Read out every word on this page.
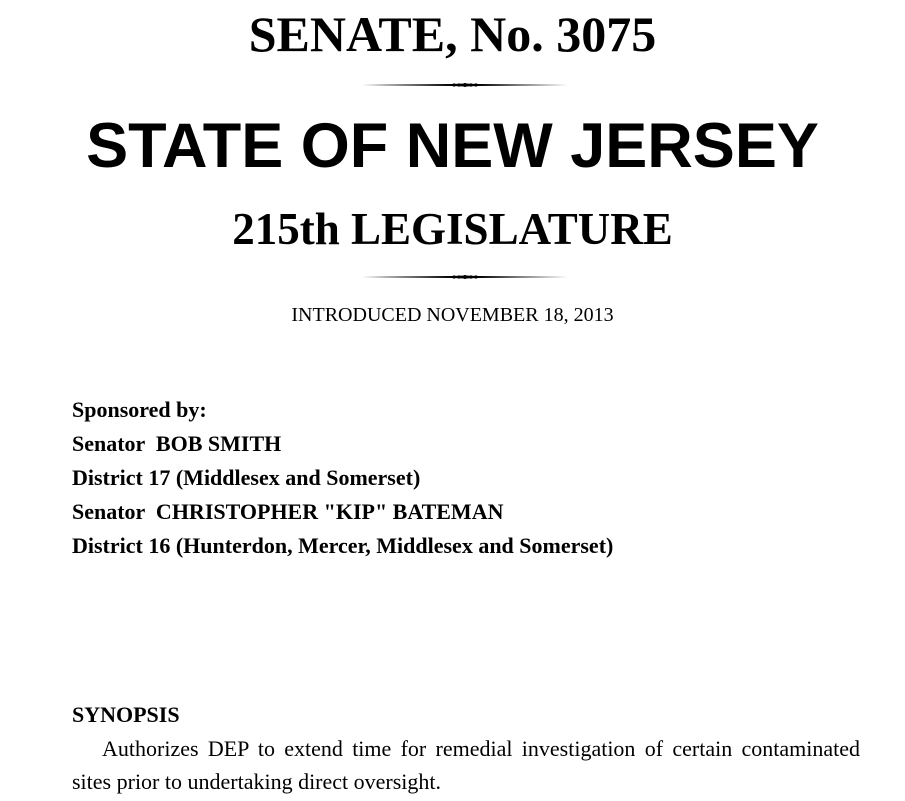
SENATE, No. 3075
STATE OF NEW JERSEY
215th LEGISLATURE
INTRODUCED NOVEMBER 18, 2013
Sponsored by:
Senator  BOB SMITH
District 17 (Middlesex and Somerset)
Senator  CHRISTOPHER "KIP" BATEMAN
District 16 (Hunterdon, Mercer, Middlesex and Somerset)
SYNOPSIS

Authorizes DEP to extend time for remedial investigation of certain contaminated sites prior to undertaking direct oversight.
